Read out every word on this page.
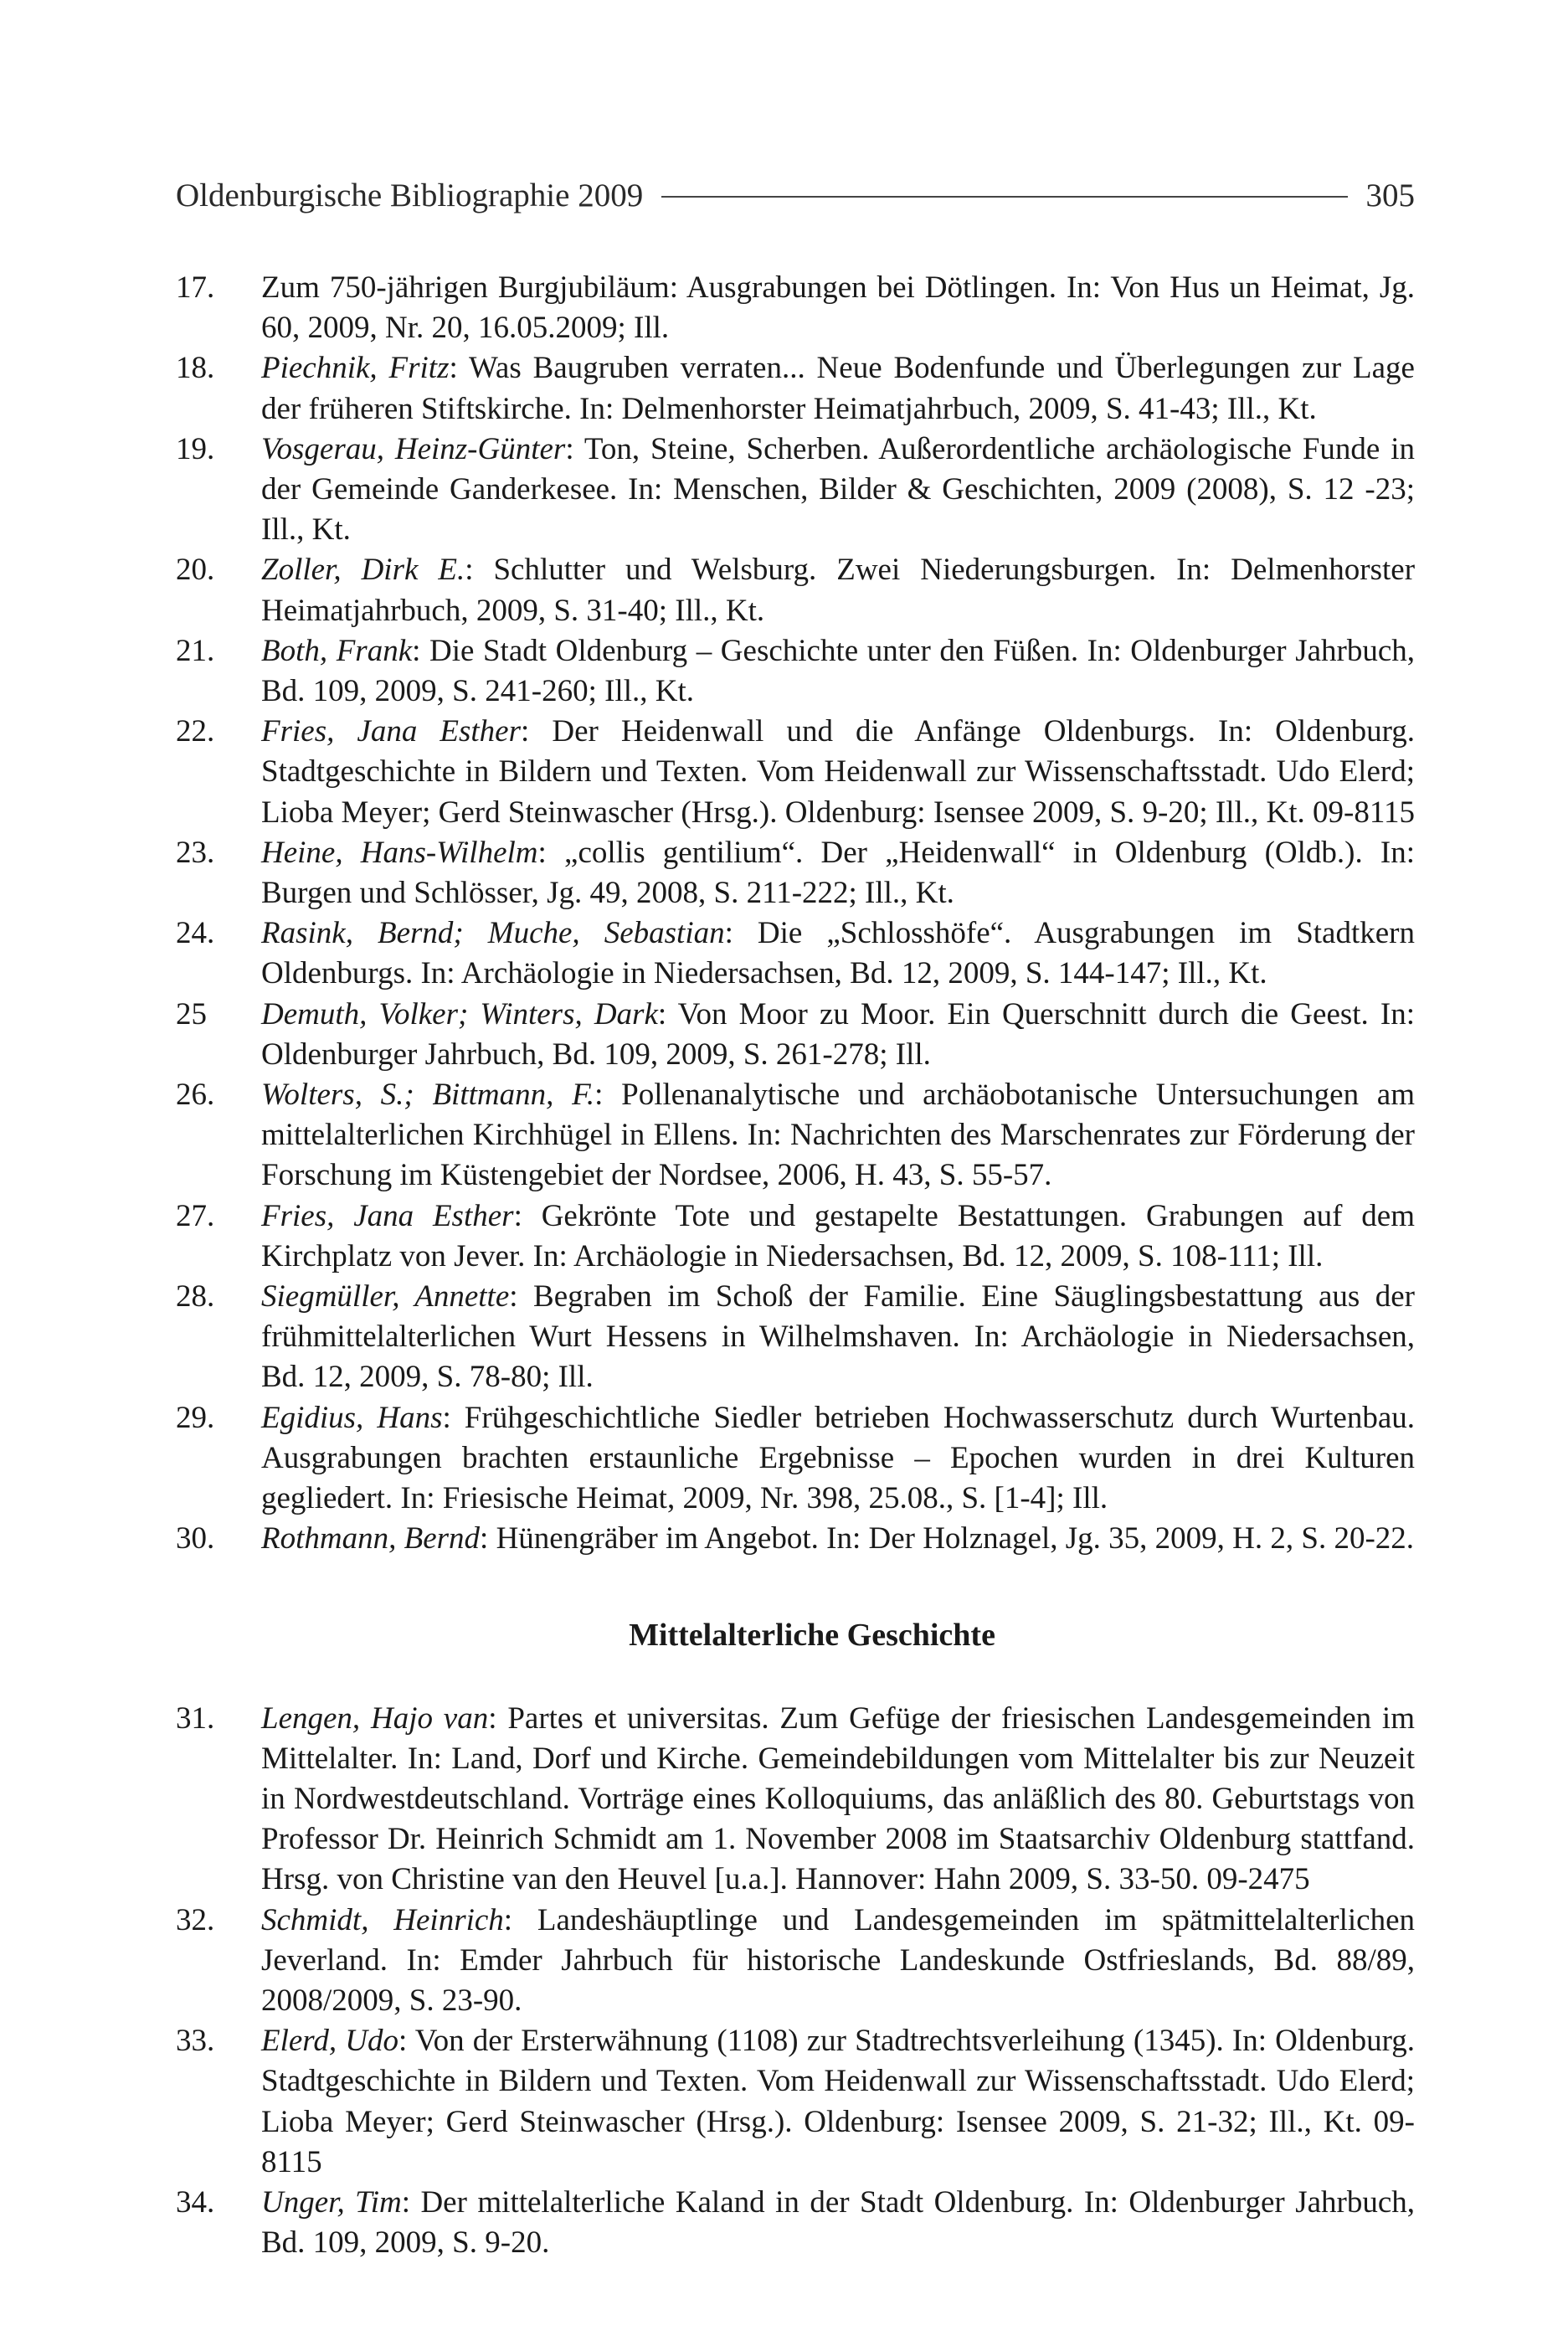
Oldenburgische Bibliographie 2009	305

17. Zum 750-jährigen Burgjubiläum: Ausgrabungen bei Dötlingen. In: Von Hus un Heimat, Jg. 60, 2009, Nr. 20, 16.05.2009; Ill.

18. Piechnik, Fritz: Was Baugruben verraten... Neue Bodenfunde und Überlegungen zur Lage der früheren Stiftskirche. In: Delmenhorster Heimatjahrbuch, 2009, S. 41-43; Ill., Kt.

19. Vosgerau, Heinz-Günter: Ton, Steine, Scherben. Außerordentliche archäologische Funde in der Gemeinde Ganderkesee. In: Menschen, Bilder & Geschichten, 2009 (2008), S. 12 -23; Ill., Kt.

20. Zoller, Dirk E.: Schlutter und Welsburg. Zwei Niederungsburgen. In: Delmenhorster Heimatjahrbuch, 2009, S. 31-40; Ill., Kt.

21. Both, Frank: Die Stadt Oldenburg – Geschichte unter den Füßen. In: Oldenburger Jahrbuch, Bd. 109, 2009, S. 241-260; Ill., Kt.

22. Fries, Jana Esther: Der Heidenwall und die Anfänge Oldenburgs. In: Oldenburg. Stadtgeschichte in Bildern und Texten. Vom Heidenwall zur Wissenschaftsstadt. Udo Elerd; Lioba Meyer; Gerd Steinwascher (Hrsg.). Oldenburg: Isensee 2009, S. 9-20; Ill., Kt. 09-8115

23. Heine, Hans-Wilhelm: „collis gentilium“. Der „Heidenwall“ in Oldenburg (Oldb.). In: Burgen und Schlösser, Jg. 49, 2008, S. 211-222; Ill., Kt.

24. Rasink, Bernd; Muche, Sebastian: Die „Schlosshöfe“. Ausgrabungen im Stadtkern Oldenburgs. In: Archäologie in Niedersachsen, Bd. 12, 2009, S. 144-147; Ill., Kt.

25 Demuth, Volker; Winters, Dark: Von Moor zu Moor. Ein Querschnitt durch die Geest. In: Oldenburger Jahrbuch, Bd. 109, 2009, S. 261-278; Ill.

26. Wolters, S.; Bittmann, F.: Pollenanalytische und archäobotanische Untersuchungen am mittelalterlichen Kirchhügel in Ellens. In: Nachrichten des Marschenrates zur Förderung der Forschung im Küstengebiet der Nordsee, 2006, H. 43, S. 55-57.

27. Fries, Jana Esther: Gekrönte Tote und gestapelte Bestattungen. Grabungen auf dem Kirchplatz von Jever. In: Archäologie in Niedersachsen, Bd. 12, 2009, S. 108-111; Ill.

28. Siegmüller, Annette: Begraben im Schoß der Familie. Eine Säuglingsbestattung aus der frühmittelalterlichen Wurt Hessens in Wilhelmshaven. In: Archäologie in Niedersachsen, Bd. 12, 2009, S. 78-80; Ill.

29. Egidius, Hans: Frühgeschichtliche Siedler betrieben Hochwasserschutz durch Wurtenbau. Ausgrabungen brachten erstaunliche Ergebnisse – Epochen wurden in drei Kulturen gegliedert. In: Friesische Heimat, 2009, Nr. 398, 25.08., S. [1-4]; Ill.

30. Rothmann, Bernd: Hünengräber im Angebot. In: Der Holznagel, Jg. 35, 2009, H. 2, S. 20-22.

Mittelalterliche Geschichte

31. Lengen, Hajo van: Partes et universitas. Zum Gefüge der friesischen Landesgemeinden im Mittelalter. In: Land, Dorf und Kirche. Gemeindebildungen vom Mittelalter bis zur Neuzeit in Nordwestdeutschland. Vorträge eines Kolloquiums, das anläßlich des 80. Geburtstags von Professor Dr. Heinrich Schmidt am 1. November 2008 im Staatsarchiv Oldenburg stattfand. Hrsg. von Christine van den Heuvel [u.a.]. Hannover: Hahn 2009, S. 33-50. 09-2475

32. Schmidt, Heinrich: Landeshäuptlinge und Landesgemeinden im spätmittelalterlichen Jeverland. In: Emder Jahrbuch für historische Landeskunde Ostfrieslands, Bd. 88/89, 2008/2009, S. 23-90.

33. Elerd, Udo: Von der Ersterwähnung (1108) zur Stadtrechtsverleihung (1345). In: Oldenburg. Stadtgeschichte in Bildern und Texten. Vom Heidenwall zur Wissenschaftsstadt. Udo Elerd; Lioba Meyer; Gerd Steinwascher (Hrsg.). Oldenburg: Isensee 2009, S. 21-32; Ill., Kt. 09-8115

34. Unger, Tim: Der mittelalterliche Kaland in der Stadt Oldenburg. In: Oldenburger Jahrbuch, Bd. 109, 2009, S. 9-20.
